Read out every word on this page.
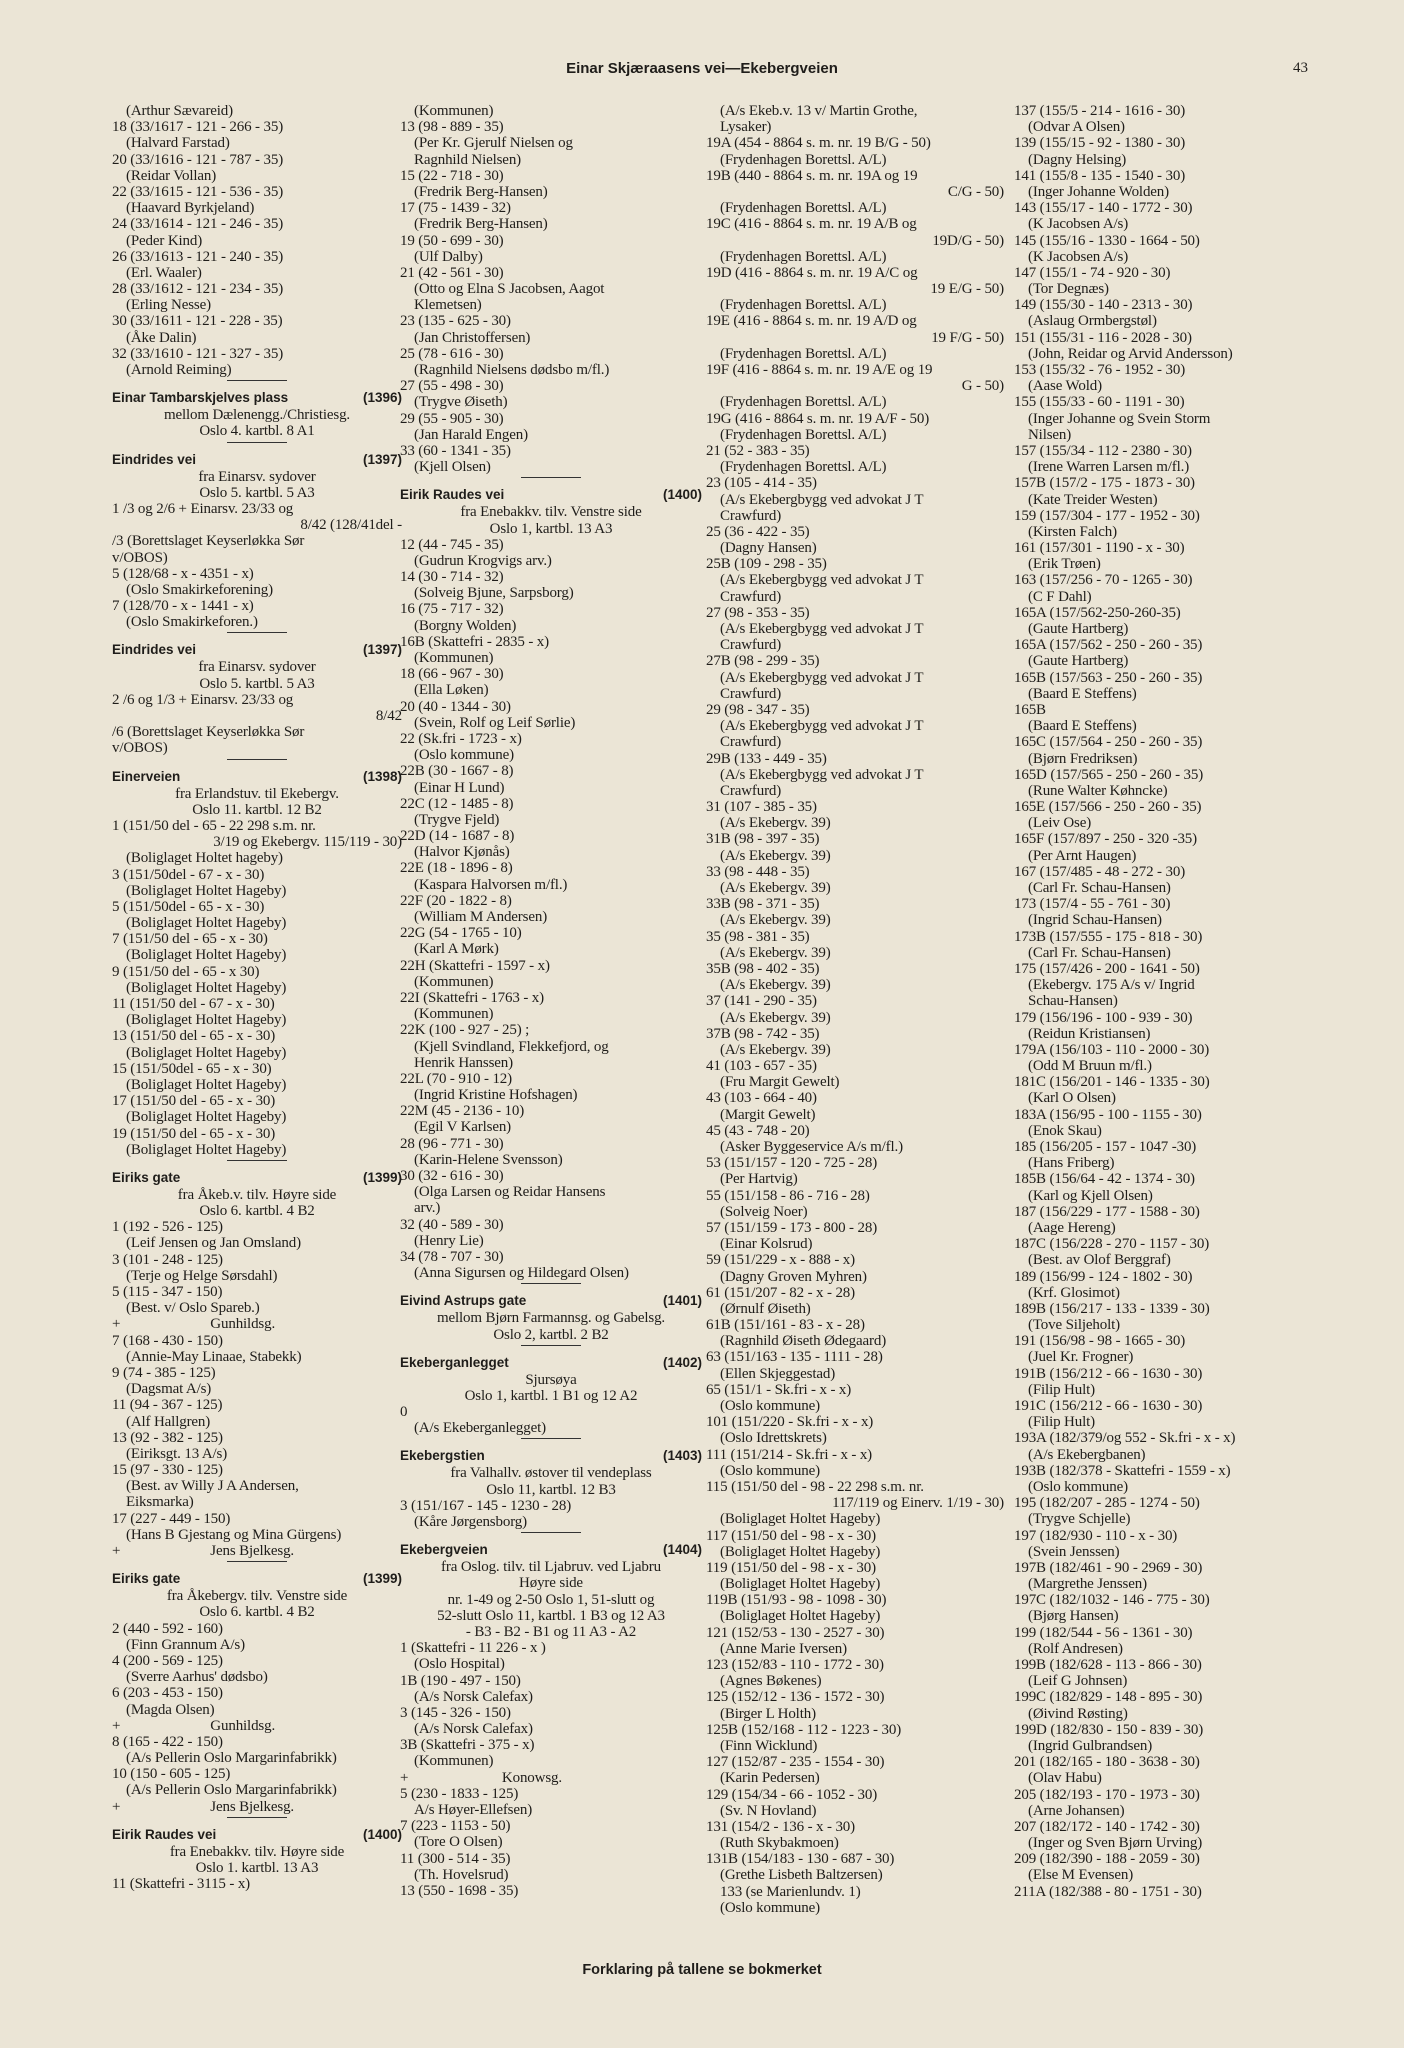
Einar Skjæraasens vei—Ekebergveien	43
(Arthur Sævareid)
18 (33/1617 - 121 - 266 - 35)
(Halvard Farstad)
20 (33/1616 - 121 - 787 - 35)
(Reidar Vollan)
22 (33/1615 - 121 - 536 - 35)
(Haavard Byrkjeland)
24 (33/1614 - 121 - 246 - 35)
(Peder Kind)
26 (33/1613 - 121 - 240 - 35)
(Erl. Waaler)
28 (33/1612 - 121 - 234 - 35)
(Erling Nesse)
30 (33/1611 - 121 - 228 - 35)
(Åke Dalin)
32 (33/1610 - 121 - 327 - 35)
(Arnold Reiming)
Einar Tambarskjelves plass	(1396)
mellom Dælenengg./Christiesg.
Oslo 4. kartbl. 8 A1
Eindrides vei	(1397)
fra Einarsv. sydover
Oslo 5. kartbl. 5 A3
1 /3 og 2/6 + Einarsv. 23/33 og
8/42 (128/41del -
/3 (Borettslaget Keyserløkka Sør
v/OBOS)
5 (128/68 - x - 4351 - x)
(Oslo Smakirkeforening)
7 (128/70 - x - 1441 - x)
(Oslo Smakirkeforen.)
Eindrides vei	(1397)
fra Einarsv. sydover
Oslo 5. kartbl. 5 A3
2 /6 og 1/3 + Einarsv. 23/33 og
8/42
/6 (Borettslaget Keyserløkka Sør
v/OBOS)
Einerveien	(1398)
fra Erlandstuv. til Ekebergv.
Oslo 11. kartbl. 12 B2
1 (151/50 del - 65 - 22 298 s.m. nr.
3/19 og Ekebergv. 115/119 - 30)
(Boliglaget Holtet hageby)
3 (151/50del - 67 - x - 30)
(Boliglaget Holtet Hageby)
5 (151/50del - 65 - x - 30)
(Boliglaget Holtet Hageby)
7 (151/50 del - 65 - x - 30)
(Boliglaget Holtet Hageby)
9 (151/50 del - 65 - x 30)
(Boliglaget Holtet Hageby)
11 (151/50 del - 67 - x - 30)
(Boliglaget Holtet Hageby)
13 (151/50 del - 65 - x - 30)
(Boliglaget Holtet Hageby)
15 (151/50del - 65 - x - 30)
(Boliglaget Holtet Hageby)
17 (151/50 del - 65 - x - 30)
(Boliglaget Holtet Hageby)
19 (151/50 del - 65 - x - 30)
(Boliglaget Holtet Hageby)
Eiriks gate	(1399)
fra Åkeb.v. tilv. Høyre side
Oslo 6. kartbl. 4 B2
1 (192 - 526 - 125)
(Leif Jensen og Jan Omsland)
3 (101 - 248 - 125)
(Terje og Helge Sørsdahl)
5 (115 - 347 - 150)
(Best. v/ Oslo Spareb.)
+                         Gunhildsg.
7 (168 - 430 - 150)
(Annie-May Linaae, Stabekk)
9 (74 - 385 - 125)
(Dagsmat A/s)
11 (94 - 367 - 125)
(Alf Hallgren)
13 (92 - 382 - 125)
(Eiriksgt. 13 A/s)
15 (97 - 330 - 125)
(Best. av Willy J A Andersen,
Eiksmarka)
17 (227 - 449 - 150)
(Hans B Gjestang og Mina Gürgens)
+                         Jens Bjelkesg.
Eiriks gate	(1399)
fra Åkebergv. tilv. Venstre side
Oslo 6. kartbl. 4 B2
2 (440 - 592 - 160)
(Finn Grannum A/s)
4 (200 - 569 - 125)
(Sverre Aarhus' dødsbo)
6 (203 - 453 - 150)
(Magda Olsen)
+                         Gunhildsg.
8 (165 - 422 - 150)
(A/s Pellerin Oslo Margarinfabrikk)
10 (150 - 605 - 125)
(A/s Pellerin Oslo Margarinfabrikk)
+                         Jens Bjelkesg.
Eirik Raudes vei	(1400)
fra Enebakkv. tilv. Høyre side
Oslo 1. kartbl. 13 A3
11 (Skattefri - 3115 - x)
(Kommunen)
13 (98 - 889 - 35)
(Per Kr. Gjerulf Nielsen og
Ragnhild Nielsen)
15 (22 - 718 - 30)
(Fredrik Berg-Hansen)
17 (75 - 1439 - 32)
(Fredrik Berg-Hansen)
19 (50 - 699 - 30)
(Ulf Dalby)
21 (42 - 561 - 30)
(Otto og Elna S Jacobsen, Aagot
Klemetsen)
23 (135 - 625 - 30)
(Jan Christoffersen)
25 (78 - 616 - 30)
(Ragnhild Nielsens dødsbo m/fl.)
27 (55 - 498 - 30)
(Trygve Øiseth)
29 (55 - 905 - 30)
(Jan Harald Engen)
33 (60 - 1341 - 35)
(Kjell Olsen)
Eirik Raudes vei	(1400)
fra Enebakkv. tilv. Venstre side
Oslo 1, kartbl. 13 A3
12 (44 - 745 - 35)
(Gudrun Krogvigs arv.)
14 (30 - 714 - 32)
(Solveig Bjune, Sarpsborg)
16 (75 - 717 - 32)
(Borgny Wolden)
16B (Skattefri - 2835 - x)
(Kommunen)
18 (66 - 967 - 30)
(Ella Løken)
20 (40 - 1344 - 30)
(Svein, Rolf og Leif Sørlie)
22 (Sk.fri - 1723 - x)
(Oslo kommune)
22B (30 - 1667 - 8)
(Einar H Lund)
22C (12 - 1485 - 8)
(Trygve Fjeld)
22D (14 - 1687 - 8)
(Halvor Kjønås)
22E (18 - 1896 - 8)
(Kaspara Halvorsen m/fl.)
22F (20 - 1822 - 8)
(William M Andersen)
22G (54 - 1765 - 10)
(Karl A Mørk)
22H (Skattefri - 1597 - x)
(Kommunen)
22I (Skattefri - 1763 - x)
(Kommunen)
22K (100 - 927 - 25) ;
(Kjell Svindland, Flekkefjord, og
Henrik Hanssen)
22L (70 - 910 - 12)
(Ingrid Kristine Hofshagen)
22M (45 - 2136 - 10)
(Egil V Karlsen)
28 (96 - 771 - 30)
(Karin-Helene Svensson)
30 (32 - 616 - 30)
(Olga Larsen og Reidar Hansens
arv.)
32 (40 - 589 - 30)
(Henry Lie)
34 (78 - 707 - 30)
(Anna Sigursen og Hildegard Olsen)
Eivind Astrups gate	(1401)
mellom Bjørn Farmannsg. og Gabelsg.
Oslo 2, kartbl. 2 B2
Ekeberganlegget	(1402)
Sjursøya
Oslo 1, kartbl. 1 B1 og 12 A2
0
(A/s Ekeberganlegget)
Ekebergstien	(1403)
fra Valhallv. østover til vendeplass
Oslo 11, kartbl. 12 B3
3 (151/167 - 145 - 1230 - 28)
(Kåre Jørgensborg)
Ekebergveien	(1404)
fra Oslog. tilv. til Ljabruv. ved Ljabru
Høyre side
nr. 1-49 og 2-50 Oslo 1, 51-slutt og
52-slutt Oslo 11, kartbl. 1 B3 og 12 A3
- B3 - B2 - B1 og 11 A3 - A2
1 (Skattefri - 11 226 - x )
(Oslo Hospital)
1B (190 - 497 - 150)
(A/s Norsk Calefax)
3 (145 - 326 - 150)
(A/s Norsk Calefax)
3B (Skattefri - 375 - x)
(Kommunen)
+                          Konowsg.
5 (230 - 1833 - 125)
A/s Høyer-Ellefsen)
7 (223 - 1153 - 50)
(Tore O Olsen)
11 (300 - 514 - 35)
(Th. Hovelsrud)
13 (550 - 1698 - 35)
(A/s Ekeb.v. 13 v/ Martin Grothe,
Lysaker)
19A (454 - 8864 s. m. nr. 19 B/G - 50)
(Frydenhagen Borettsl. A/L)
19B (440 - 8864 s. m. nr. 19A og 19
C/G - 50)
(Frydenhagen Borettsl. A/L)
19C (416 - 8864 s. m. nr. 19 A/B og
19D/G - 50)
(Frydenhagen Borettsl. A/L)
19D (416 - 8864 s. m. nr. 19 A/C og
19 E/G - 50)
(Frydenhagen Borettsl. A/L)
19E (416 - 8864 s. m. nr. 19 A/D og
19 F/G - 50)
(Frydenhagen Borettsl. A/L)
19F (416 - 8864 s. m. nr. 19 A/E og 19
G - 50)
(Frydenhagen Borettsl. A/L)
19G (416 - 8864 s. m. nr. 19 A/F - 50)
(Frydenhagen Borettsl. A/L)
21 (52 - 383 - 35)
(Frydenhagen Borettsl. A/L)
23 (105 - 414 - 35)
(A/s Ekebergbygg ved advokat J T
Crawfurd)
25 (36 - 422 - 35)
(Dagny Hansen)
25B (109 - 298 - 35)
(A/s Ekebergbygg ved advokat J T
Crawfurd)
27 (98 - 353 - 35)
(A/s Ekebergbygg ved advokat J T
Crawfurd)
27B (98 - 299 - 35)
(A/s Ekebergbygg ved advokat J T
Crawfurd)
29 (98 - 347 - 35)
(A/s Ekebergbygg ved advokat J T
Crawfurd)
29B (133 - 449 - 35)
(A/s Ekebergbygg ved advokat J T
Crawfurd)
31 (107 - 385 - 35)
(A/s Ekebergv. 39)
31B (98 - 397 - 35)
(A/s Ekebergv. 39)
33 (98 - 448 - 35)
(A/s Ekebergv. 39)
33B (98 - 371 - 35)
(A/s Ekebergv. 39)
35 (98 - 381 - 35)
(A/s Ekebergv. 39)
35B (98 - 402 - 35)
(A/s Ekebergv. 39)
37 (141 - 290 - 35)
(A/s Ekebergv. 39)
37B (98 - 742 - 35)
(A/s Ekebergv. 39)
41 (103 - 657 - 35)
(Fru Margit Gewelt)
43 (103 - 664 - 40)
(Margit Gewelt)
45 (43 - 748 - 20)
(Asker Byggeservice A/s m/fl.)
53 (151/157 - 120 - 725 - 28)
(Per Hartvig)
55 (151/158 - 86 - 716 - 28)
(Solveig Noer)
57 (151/159 - 173 - 800 - 28)
(Einar Kolsrud)
59 (151/229 - x - 888 - x)
(Dagny Groven Myhren)
61 (151/207 - 82 - x - 28)
(Ørnulf Øiseth)
61B (151/161 - 83 - x - 28)
(Ragnhild Øiseth Ødegaard)
63 (151/163 - 135 - 1111 - 28)
(Ellen Skjeggestad)
65 (151/1 - Sk.fri - x - x)
(Oslo kommune)
101 (151/220 - Sk.fri - x - x)
(Oslo Idrettskrets)
111 (151/214 - Sk.fri - x - x)
(Oslo kommune)
115 (151/50 del - 98 - 22 298 s.m. nr.
117/119 og Einerv. 1/19 - 30)
(Boliglaget Holtet Hageby)
117 (151/50 del - 98 - x - 30)
(Boliglaget Holtet Hageby)
119 (151/50 del - 98 - x - 30)
(Boliglaget Holtet Hageby)
119B (151/93 - 98 - 1098 - 30)
(Boliglaget Holtet Hageby)
121 (152/53 - 130 - 2527 - 30)
(Anne Marie Iversen)
123 (152/83 - 110 - 1772 - 30)
(Agnes Bøkenes)
125 (152/12 - 136 - 1572 - 30)
(Birger L Holth)
125B (152/168 - 112 - 1223 - 30)
(Finn Wicklund)
127 (152/87 - 235 - 1554 - 30)
(Karin Pedersen)
129 (154/34 - 66 - 1052 - 30)
(Sv. N Hovland)
131 (154/2 - 136 - x - 30)
(Ruth Skybakmoen)
131B (154/183 - 130 - 687 - 30)
(Grethe Lisbeth Baltzersen)
133 (se Marienlundv. 1)
(Oslo kommune)
137 (155/5 - 214 - 1616 - 30)
(Odvar A Olsen)
139 (155/15 - 92 - 1380 - 30)
(Dagny Helsing)
141 (155/8 - 135 - 1540 - 30)
(Inger Johanne Wolden)
143 (155/17 - 140 - 1772 - 30)
(K Jacobsen A/s)
145 (155/16 - 1330 - 1664 - 50)
(K Jacobsen A/s)
147 (155/1 - 74 - 920 - 30)
(Tor Degnæs)
149 (155/30 - 140 - 2313 - 30)
(Aslaug Ormbergstøl)
151 (155/31 - 116 - 2028 - 30)
(John, Reidar og Arvid Andersson)
153 (155/32 - 76 - 1952 - 30)
(Aase Wold)
155 (155/33 - 60 - 1191 - 30)
(Inger Johanne og Svein Storm
Nilsen)
157 (155/34 - 112 - 2380 - 30)
(Irene Warren Larsen m/fl.)
157B (157/2 - 175 - 1873 - 30)
(Kate Treider Westen)
159 (157/304 - 177 - 1952 - 30)
(Kirsten Falch)
161 (157/301 - 1190 - x - 30)
(Erik Trøen)
163 (157/256 - 70 - 1265 - 30)
(C F Dahl)
165A (157/562-250-260-35)
(Gaute Hartberg)
165A (157/562 - 250 - 260 - 35)
(Gaute Hartberg)
165B (157/563 - 250 - 260 - 35)
(Baard E Steffens)
165B
(Baard E Steffens)
165C (157/564 - 250 - 260 - 35)
(Bjørn Fredriksen)
165D (157/565 - 250 - 260 - 35)
(Rune Walter Køhncke)
165E (157/566 - 250 - 260 - 35)
(Leiv Ose)
165F (157/897 - 250 - 320 -35)
(Per Arnt Haugen)
167 (157/485 - 48 - 272 - 30)
(Carl Fr. Schau-Hansen)
173 (157/4 - 55 - 761 - 30)
(Ingrid Schau-Hansen)
173B (157/555 - 175 - 818 - 30)
(Carl Fr. Schau-Hansen)
175 (157/426 - 200 - 1641 - 50)
(Ekebergv. 175 A/s v/ Ingrid
Schau-Hansen)
179 (156/196 - 100 - 939 - 30)
(Reidun Kristiansen)
179A (156/103 - 110 - 2000 - 30)
(Odd M Bruun m/fl.)
181C (156/201 - 146 - 1335 - 30)
(Karl O Olsen)
183A (156/95 - 100 - 1155 - 30)
(Enok Skau)
185 (156/205 - 157 - 1047 -30)
(Hans Friberg)
185B (156/64 - 42 - 1374 - 30)
(Karl og Kjell Olsen)
187 (156/229 - 177 - 1588 - 30)
(Aage Hereng)
187C (156/228 - 270 - 1157 - 30)
(Best. av Olof Berggraf)
189 (156/99 - 124 - 1802 - 30)
(Krf. Glosimot)
189B (156/217 - 133 - 1339 - 30)
(Tove Siljeholt)
191 (156/98 - 98 - 1665 - 30)
(Juel Kr. Frogner)
191B (156/212 - 66 - 1630 - 30)
(Filip Hult)
191C (156/212 - 66 - 1630 - 30)
(Filip Hult)
193A (182/379/og 552 - Sk.fri - x - x)
(A/s Ekebergbanen)
193B (182/378 - Skattefri - 1559 - x)
(Oslo kommune)
195 (182/207 - 285 - 1274 - 50)
(Trygve Schjelle)
197 (182/930 - 110 - x - 30)
(Svein Jenssen)
197B (182/461 - 90 - 2969 - 30)
(Margrethe Jenssen)
197C (182/1032 - 146 - 775 - 30)
(Bjørg Hansen)
199 (182/544 - 56 - 1361 - 30)
(Rolf Andresen)
199B (182/628 - 113 - 866 - 30)
(Leif G Johnsen)
199C (182/829 - 148 - 895 - 30)
(Øivind Røsting)
199D (182/830 - 150 - 839 - 30)
(Ingrid Gulbrandsen)
201 (182/165 - 180 - 3638 - 30)
(Olav Habu)
205 (182/193 - 170 - 1973 - 30)
(Arne Johansen)
207 (182/172 - 140 - 1742 - 30)
(Inger og Sven Bjørn Urving)
209 (182/390 - 188 - 2059 - 30)
(Else M Evensen)
211A (182/388 - 80 - 1751 - 30)
Forklaring på tallene se bokmerket
